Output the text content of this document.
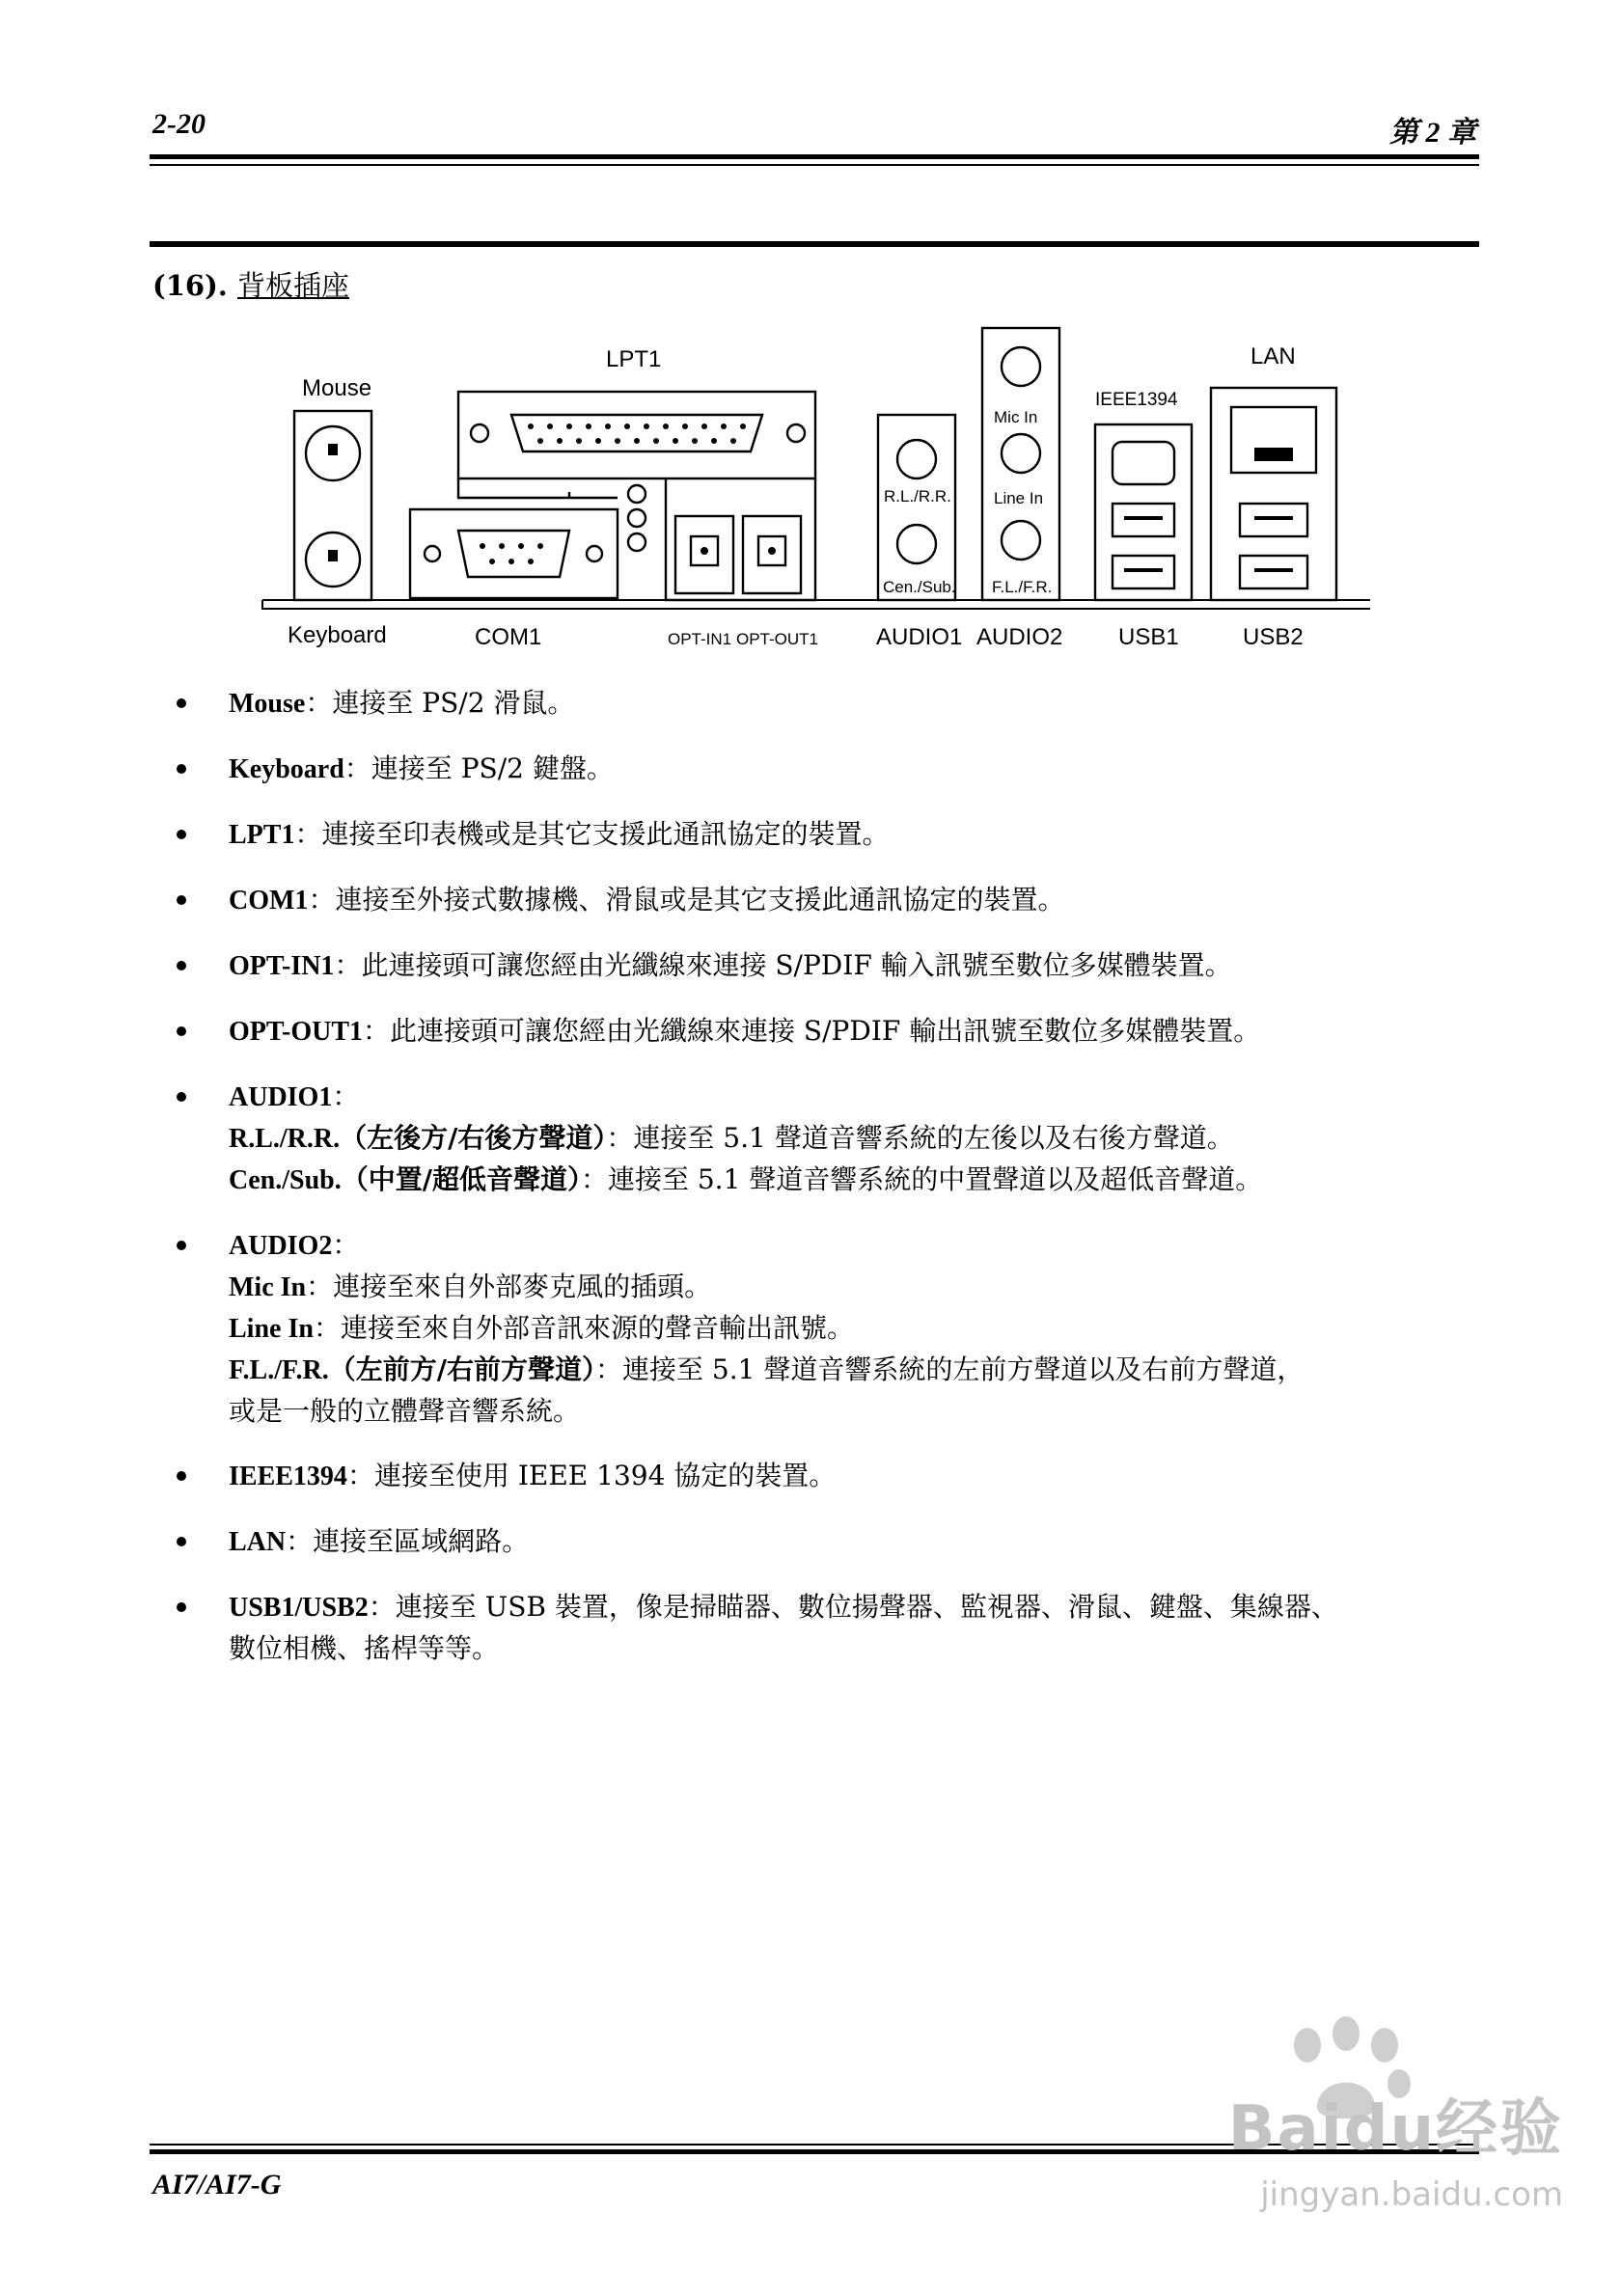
2-20	第 2 章
(16). 背板插座
Mouse
LPT1	LAN
IEEE1394
Mic In
Line In
F.L./F.R.
R.L./R.R.
Cen./Sub.
Keyboard	COM1	OPT-IN1 OPT-OUT1 AUDIO1 AUDIO2 USB1	USB2
Mouse：連接至 PS/2 滑鼠。
Keyboard：連接至 PS/2 鍵盤。
LPT1：連接至印表機或是其它支援此通訊協定的裝置。
COM1：連接至外接式數據機、滑鼠或是其它支援此通訊協定的裝置。
OPT-IN1：此連接頭可讓您經由光纖線來連接 S/PDIF 輸入訊號至數位多媒體裝置。
OPT-OUT1：此連接頭可讓您經由光纖線來連接 S/PDIF 輸出訊號至數位多媒體裝置。
AUDIO1：
R.L./R.R.（左後方/右後方聲道）：連接至 5.1 聲道音響系統的左後以及右後方聲道。
Cen./Sub.（中置/超低音聲道）：連接至 5.1 聲道音響系統的中置聲道以及超低音聲道。
AUDIO2：
Mic In：連接至來自外部麥克風的插頭。
Line In：連接至來自外部音訊來源的聲音輸出訊號。
F.L./F.R.（左前方/右前方聲道）：連接至 5.1 聲道音響系統的左前方聲道以及右前方聲道，
或是一般的立體聲音響系統。
IEEE1394：連接至使用 IEEE 1394 協定的裝置。
LAN：連接至區域網路。
USB1/USB2：連接至 USB 裝置，像是掃瞄器、數位揚聲器、監視器、滑鼠、鍵盤、集線器、
數位相機、搖桿等等。
AI7/AI7-G
Baidu经验
jingyan.baidu.com
